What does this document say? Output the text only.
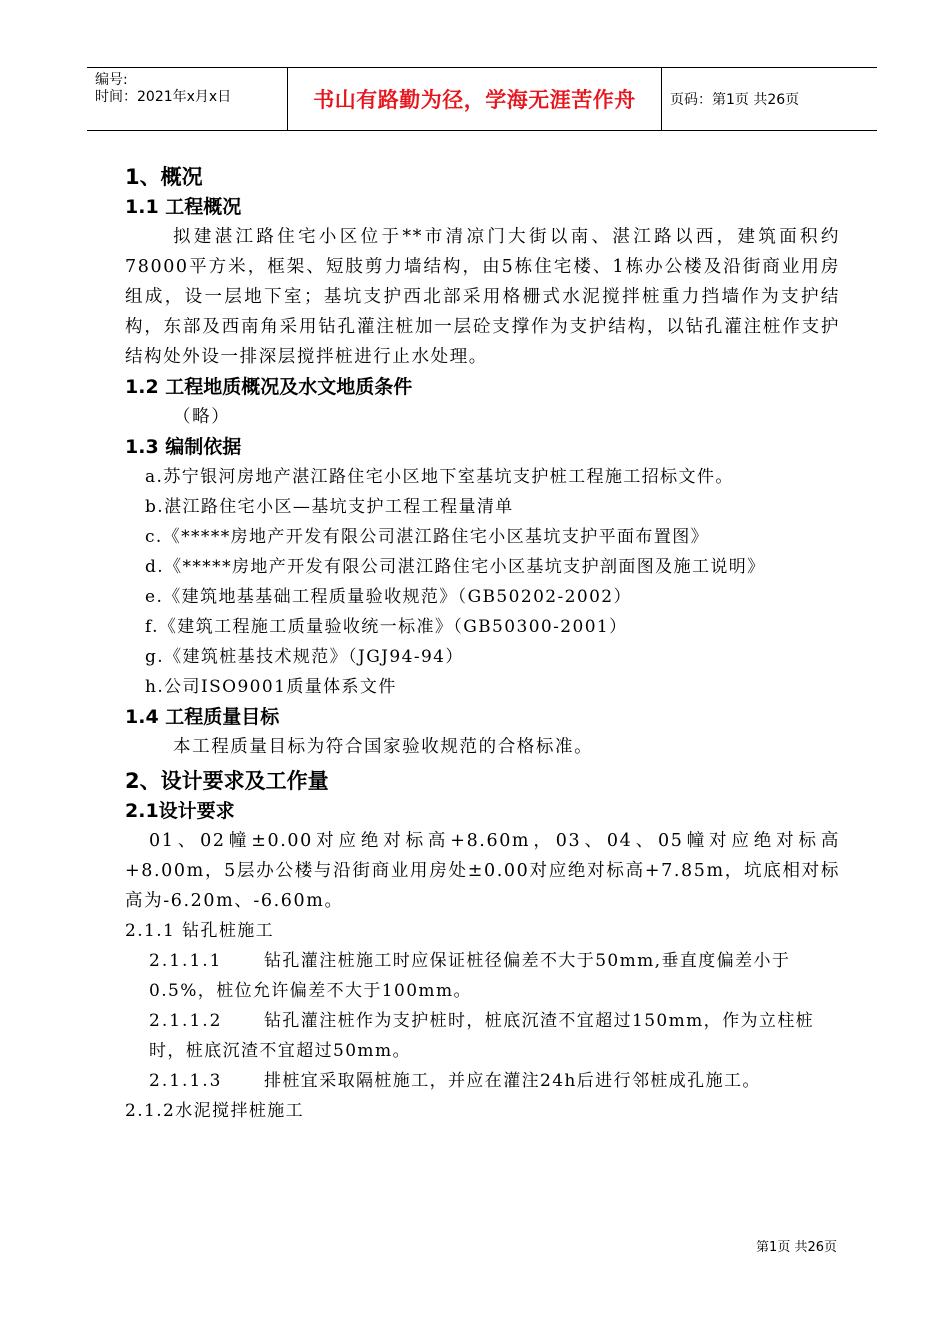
编号:
时间：2021年x月x日	书山有路勤为径，学海无涯苦作舟 页码：第1页 共26页
1、概况
1.1 工程概况

拟建湛江路住宅小区位于**市清凉门大街以南、湛江路以西，建筑面积约78000平方米，框架、短肢剪力墙结构，由5栋住宅楼、1栋办公楼及沿街商业用房组成，设一层地下室；基坑支护西北部采用格栅式水泥搅拌桩重力挡墙作为支护结构，东部及西南角采用钻孔灌注桩加一层砼支撑作为支护结构，以钻孔灌注桩作支护结构处外设一排深层搅拌桩进行止水处理。

1.2 工程地质概况及水文地质条件

（略）

1.3 编制依据

a.苏宁银河房地产湛江路住宅小区地下室基坑支护桩工程施工招标文件。

b.湛江路住宅小区—基坑支护工程工程量清单

c.《*****房地产开发有限公司湛江路住宅小区基坑支护平面布置图》

d.《*****房地产开发有限公司湛江路住宅小区基坑支护剖面图及施工说明》

e.《建筑地基基础工程质量验收规范》（GB50202-2002）

f.《建筑工程施工质量验收统一标准》（GB50300-2001）

g.《建筑桩基技术规范》（JGJ94-94）

h.公司ISO9001质量体系文件

1.4 工程质量目标

本工程质量目标为符合国家验收规范的合格标准。

2、设计要求及工作量
2.1设计要求

01、02幢±0.00对应绝对标高+8.60m，03、04、05幢对应绝对标高+8.00m，5层办公楼与沿街商业用房处±0.00对应绝对标高+7.85m，坑底相对标高为-6.20m、-6.60m。

2.1.1 钻孔桩施工

2.1.1.1 钻孔灌注桩施工时应保证桩径偏差不大于50mm,垂直度偏差小于0.5%，桩位允许偏差不大于100mm。

2.1.1.2 钻孔灌注桩作为支护桩时，桩底沉渣不宜超过150mm，作为立柱桩时，桩底沉渣不宜超过50mm。

2.1.1.3 排桩宜采取隔桩施工，并应在灌注24h后进行邻桩成孔施工。

2.1.2水泥搅拌桩施工

第1页 共26页
